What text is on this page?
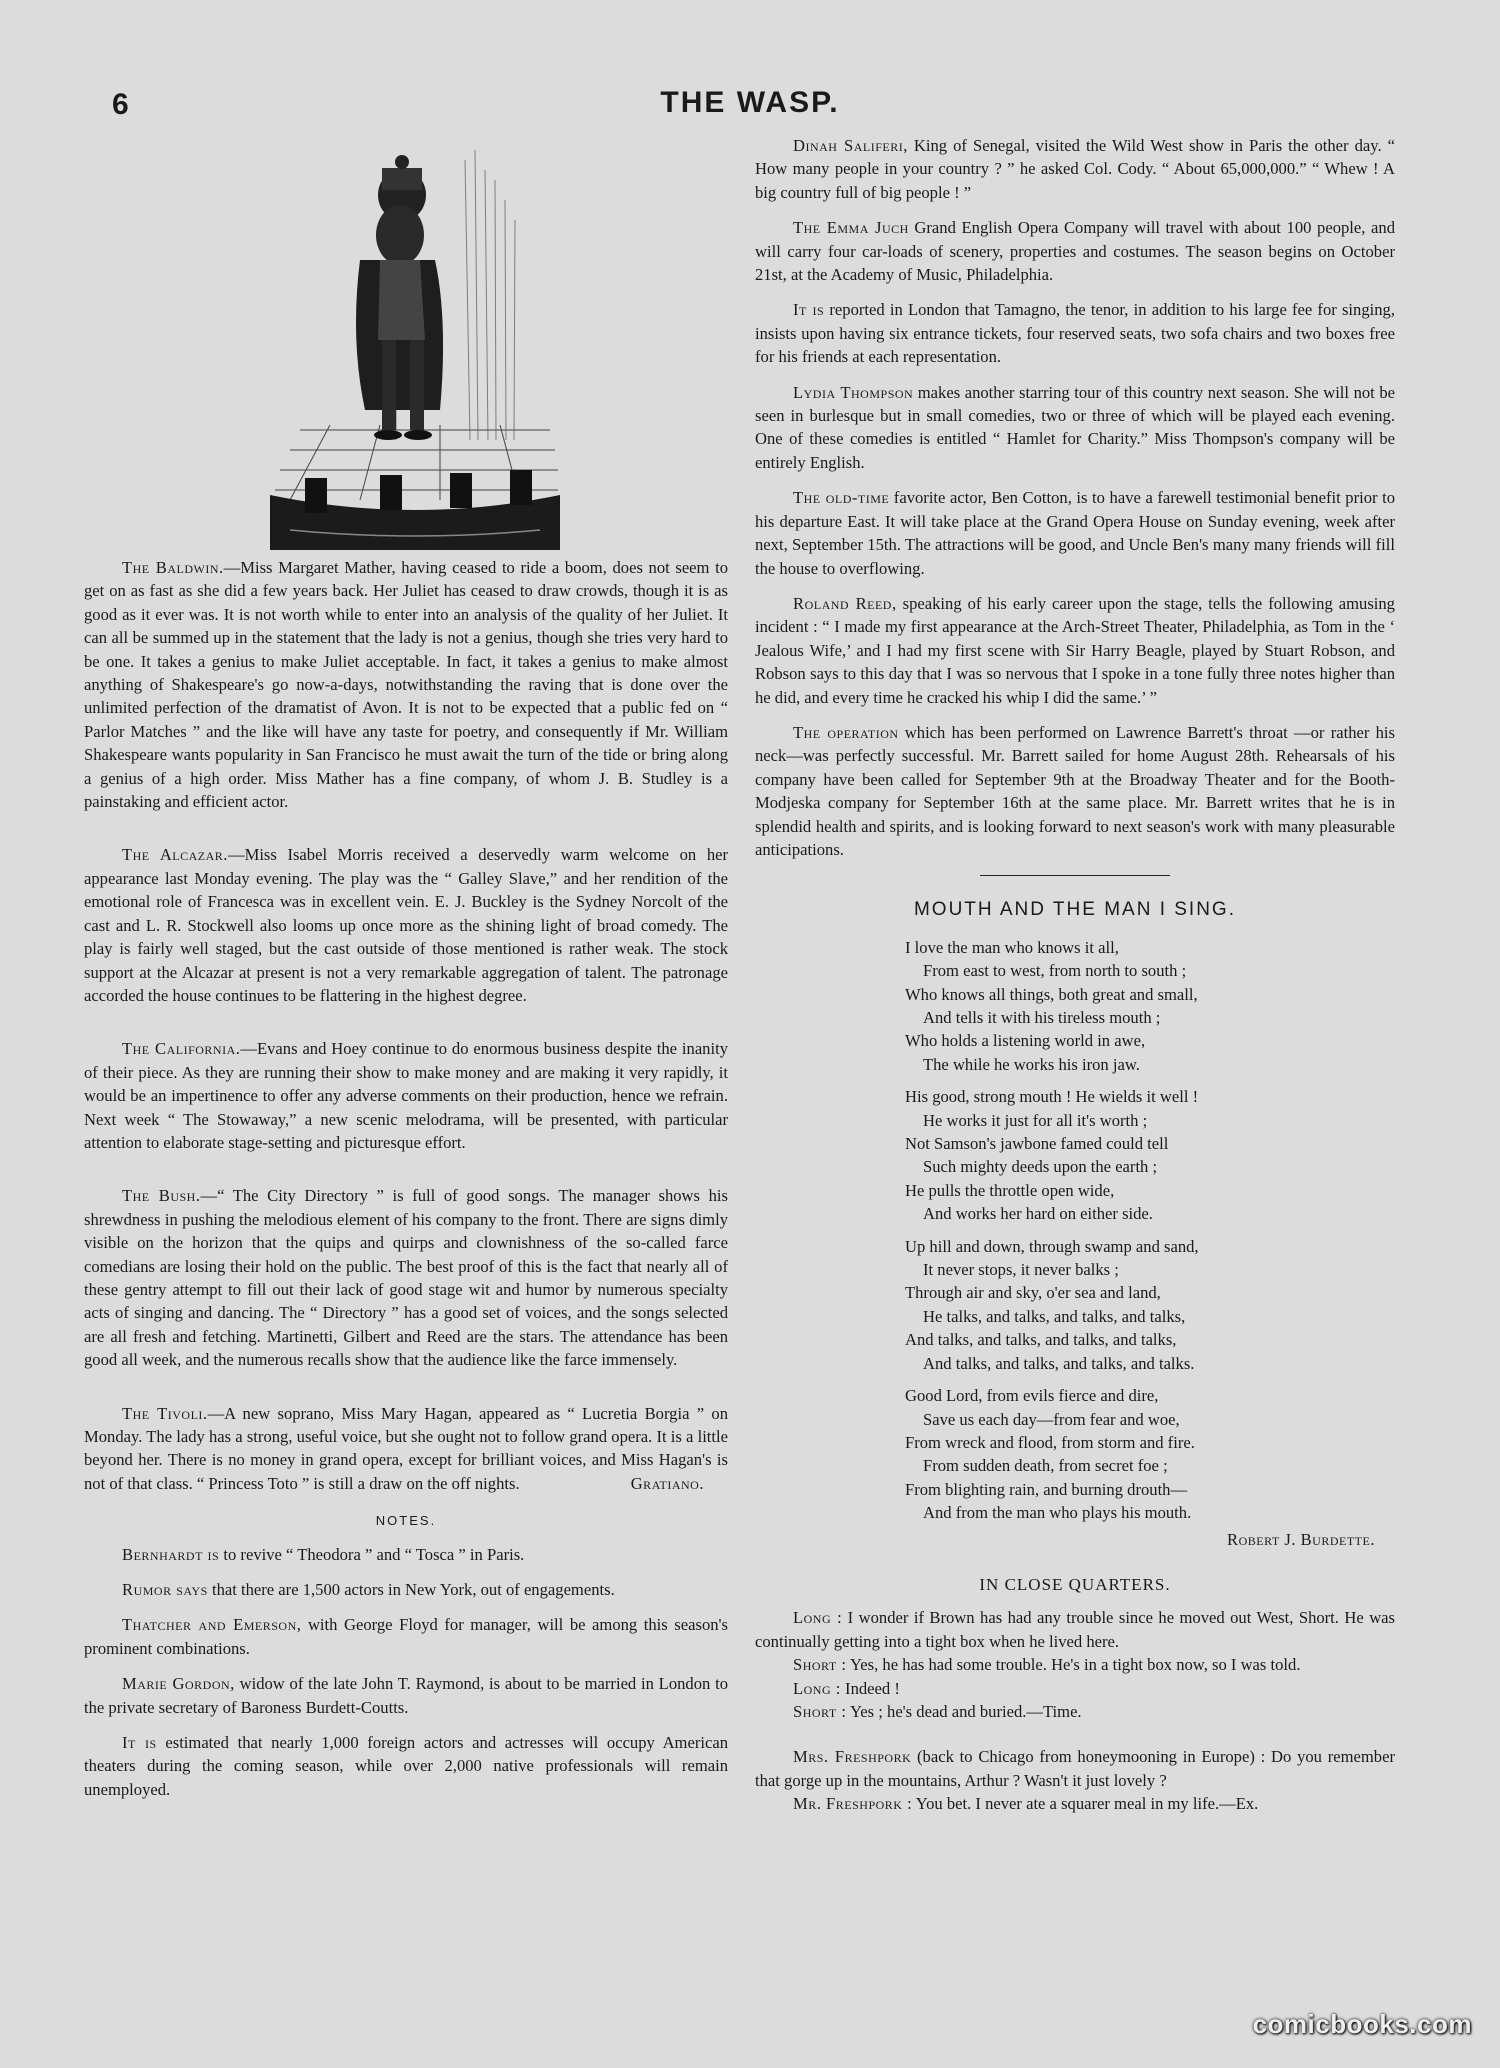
6	THE WASP.

The Baldwin.—Miss Margaret Mather, having ceased to ride a boom, does not seem to get on as fast as she did a few years back. Her Juliet has ceased to draw crowds, though it is as good as it ever was. It is not worth while to enter into an analysis of the quality of her Juliet. It can all be summed up in the statement that the lady is not a genius, though she tries very hard to be one. It takes a genius to make Juliet acceptable. In fact, it takes a genius to make almost anything of Shakespeare's go now-a-days, notwithstanding the raving that is done over the unlimited perfection of the dramatist of Avon. It is not to be expected that a public fed on “ Parlor Matches ” and the like will have any taste for poetry, and consequently if Mr. William Shakespeare wants popularity in San Francisco he must await the turn of the tide or bring along a genius of a high order. Miss Mather has a fine company, of whom J. B. Studley is a painstaking and efficient actor.

The Alcazar.—Miss Isabel Morris received a deservedly warm welcome on her appearance last Monday evening. The play was the “ Galley Slave,” and her rendition of the emotional role of Francesca was in excellent vein. E. J. Buckley is the Sydney Norcolt of the cast and L. R. Stockwell also looms up once more as the shining light of broad comedy. The play is fairly well staged, but the cast outside of those mentioned is rather weak. The stock support at the Alcazar at present is not a very remarkable aggregation of talent. The patronage accorded the house continues to be flattering in the highest degree.

The California.—Evans and Hoey continue to do enormous business despite the inanity of their piece. As they are running their show to make money and are making it very rapidly, it would be an impertinence to offer any adverse comments on their production, hence we refrain. Next week “ The Stowaway,” a new scenic melodrama, will be presented, with particular attention to elaborate stage-setting and picturesque effort.

The Bush.—“ The City Directory ” is full of good songs. The manager shows his shrewdness in pushing the melodious element of his company to the front. There are signs dimly visible on the horizon that the quips and quirps and clownishness of the so-called farce comedians are losing their hold on the public. The best proof of this is the fact that nearly all of these gentry attempt to fill out their lack of good stage wit and humor by numerous specialty acts of singing and dancing. The “ Directory ” has a good set of voices, and the songs selected are all fresh and fetching. Martinetti, Gilbert and Reed are the stars. The attendance has been good all week, and the numerous recalls show that the audience like the farce immensely.

The Tivoli.—A new soprano, Miss Mary Hagan, appeared as “ Lucretia Borgia ” on Monday. The lady has a strong, useful voice, but she ought not to follow grand opera. It is a little beyond her. There is no money in grand opera, except for brilliant voices, and Miss Hagan's is not of that class. “ Princess Toto ” is still a draw on the off nights.	Gratiano.

NOTES.

Bernhardt is to revive “ Theodora ” and “ Tosca ” in Paris.

Rumor says that there are 1,500 actors in New York, out of engagements.

Thatcher and Emerson, with George Floyd for manager, will be among this season's prominent combinations.

Marie Gordon, widow of the late John T. Raymond, is about to be married in London to the private secretary of Baroness Burdett-Coutts.

It is estimated that nearly 1,000 foreign actors and actresses will occupy American theaters during the coming season, while over 2,000 native professionals will remain unemployed.

Dinah Saliferi, King of Senegal, visited the Wild West show in Paris the other day. “ How many people in your country ? ” he asked Col. Cody. “ About 65,000,000.” “ Whew ! A big country full of big people ! ”

The Emma Juch Grand English Opera Company will travel with about 100 people, and will carry four car-loads of scenery, properties and costumes. The season begins on October 21st, at the Academy of Music, Philadelphia.

It is reported in London that Tamagno, the tenor, in addition to his large fee for singing, insists upon having six entrance tickets, four reserved seats, two sofa chairs and two boxes free for his friends at each representation.

Lydia Thompson makes another starring tour of this country next season. She will not be seen in burlesque but in small comedies, two or three of which will be played each evening. One of these comedies is entitled “ Hamlet for Charity.” Miss Thompson's company will be entirely English.

The old-time favorite actor, Ben Cotton, is to have a farewell testimonial benefit prior to his departure East. It will take place at the Grand Opera House on Sunday evening, week after next, September 15th. The attractions will be good, and Uncle Ben's many many friends will fill the house to overflowing.

Roland Reed, speaking of his early career upon the stage, tells the following amusing incident : “ I made my first appearance at the Arch-Street Theater, Philadelphia, as Tom in the ‘ Jealous Wife,’ and I had my first scene with Sir Harry Beagle, played by Stuart Robson, and Robson says to this day that I was so nervous that I spoke in a tone fully three notes higher than he did, and every time he cracked his whip I did the same.’ ”

The operation which has been performed on Lawrence Barrett's throat —or rather his neck—was perfectly successful. Mr. Barrett sailed for home August 28th. Rehearsals of his company have been called for September 9th at the Broadway Theater and for the Booth-Modjeska company for September 16th at the same place. Mr. Barrett writes that he is in splendid health and spirits, and is looking forward to next season's work with many pleasurable anticipations.

MOUTH AND THE MAN I SING.
I love the man who knows it all,
From east to west, from north to south ;
Who knows all things, both great and small,
And tells it with his tireless mouth ;
Who holds a listening world in awe,
The while he works his iron jaw.
His good, strong mouth ! He wields it well !
He works it just for all it's worth ;
Not Samson's jawbone famed could tell
Such mighty deeds upon the earth ;
He pulls the throttle open wide,
And works her hard on either side.
Up hill and down, through swamp and sand,
It never stops, it never balks ;
Through air and sky, o'er sea and land,
He talks, and talks, and talks, and talks,
And talks, and talks, and talks, and talks,
And talks, and talks, and talks, and talks.
Good Lord, from evils fierce and dire,
Save us each day—from fear and woe,
From wreck and flood, from storm and fire.
From sudden death, from secret foe ;
From blighting rain, and burning drouth—
And from the man who plays his mouth.
Robert J. Burdette.
IN CLOSE QUARTERS.

Long : I wonder if Brown has had any trouble since he moved out West, Short. He was continually getting into a tight box when he lived here.

Short : Yes, he has had some trouble. He's in a tight box now, so I was told.

Long : Indeed !

Short : Yes ; he's dead and buried.—Time.

Mrs. Freshpork (back to Chicago from honeymooning in Europe) : Do you remember that gorge up in the mountains, Arthur ? Wasn't it just lovely ?

Mr. Freshpork : You bet. I never ate a squarer meal in my life.—Ex.

comicbooks.com
